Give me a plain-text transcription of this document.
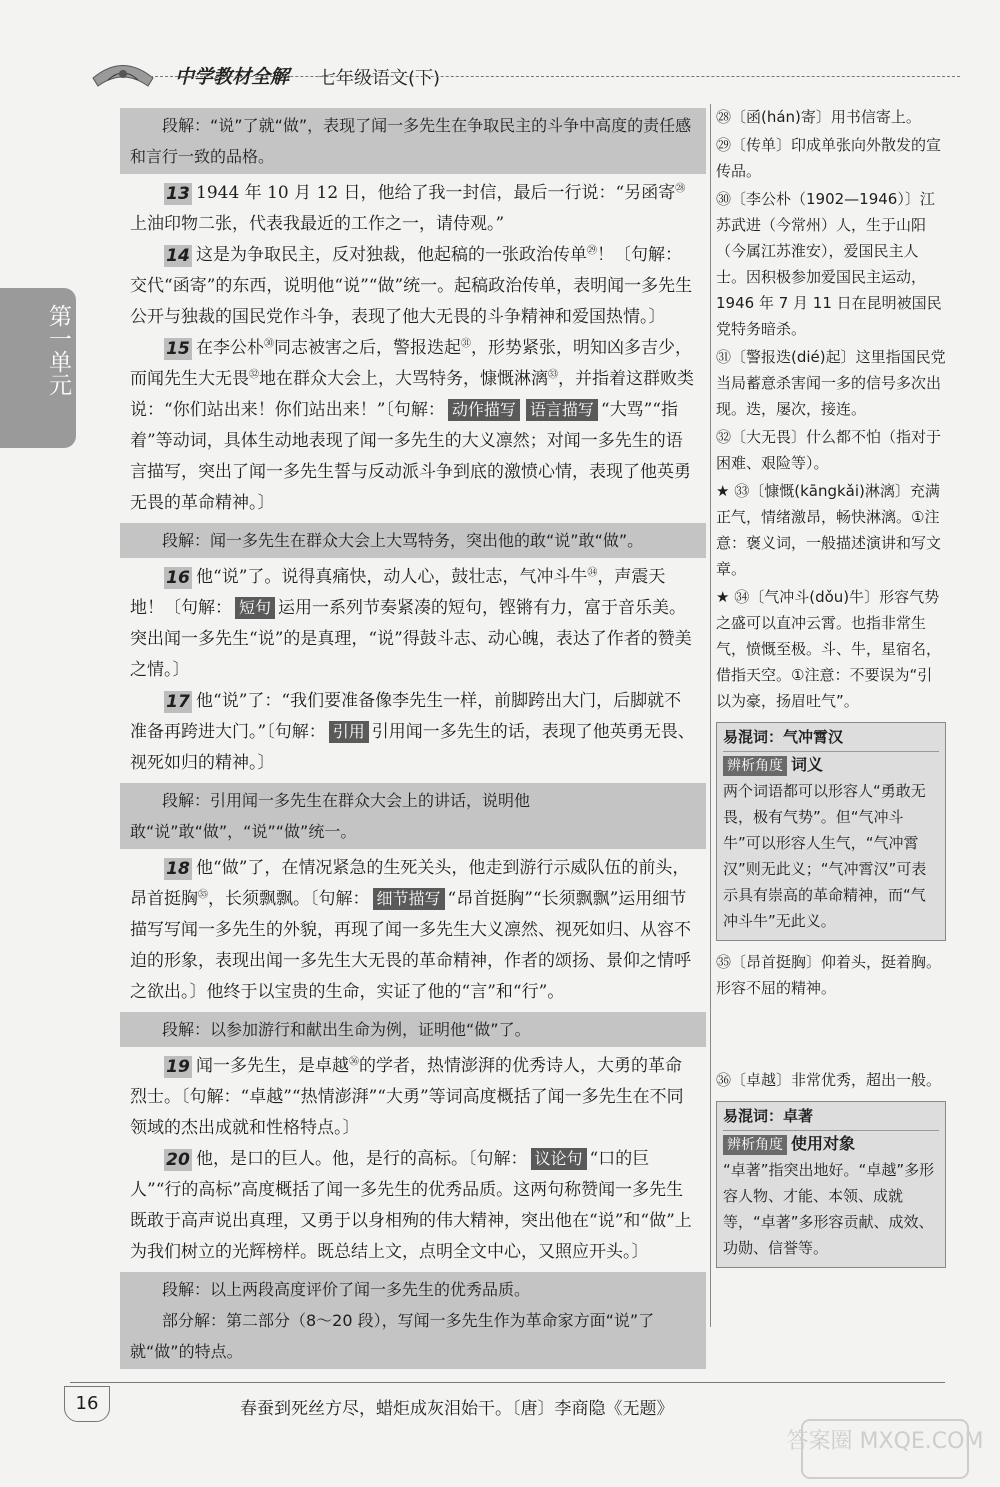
中学教材全解 七年级语文(下)
第一单元
段解：“说”了就“做”，表现了闻一多先生在争取民主的斗争中高度的责任感和言行一致的品格。
13 1944 年 10 月 12 日，他给了我一封信，最后一行说：“另函寄$^㉘$上油印物二张，代表我最近的工作之一，请侍观。”
14 这是为争取民主，反对独裁，他起稿的一张政治传单$^㉙$！〔句解：交代“函寄”的东西，说明他“说”“做”统一。起稿政治传单，表明闻一多先生公开与独裁的国民党作斗争，表现了他大无畏的斗争精神和爱国热情。〕
15 在李公朴$^㉚$同志被害之后，警报迭起$^㉛$，形势紧张，明知凶多吉少，而闻先生大无畏$^㉜$地在群众大会上，大骂特务，慷慨淋漓$^㉝$，并指着这群败类说：“你们站出来！你们站出来！”〔句解： 动作描写 语言描写 “大骂”“指着”等动词，具体生动地表现了闻一多先生的大义凛然；对闻一多先生的语言描写，突出了闻一多先生誓与反动派斗争到底的激愤心情，表现了他英勇无畏的革命精神。〕
段解：闻一多先生在群众大会上大骂特务，突出他的敢“说”敢“做”。
16 他“说”了。说得真痛快，动人心，鼓壮志，气冲斗牛$^㉞$，声震天地！〔句解： 短句 运用一系列节奏紧凑的短句，铿锵有力，富于音乐美。突出闻一多先生“说”的是真理，“说”得鼓斗志、动心魄，表达了作者的赞美之情。〕
17 他“说”了：“我们要准备像李先生一样，前脚跨出大门，后脚就不准备再跨进大门。”〔句解： 引用 引用闻一多先生的话，表现了他英勇无畏、视死如归的精神。〕
段解：引用闻一多先生在群众大会上的讲话，说明他敢“说”敢“做”，“说”“做”统一。
18 他“做”了，在情况紧急的生死关头，他走到游行示威队伍的前头，昂首挺胸$^㉟$，长须飘飘。〔句解： 细节描写 “昂首挺胸”“长须飘飘”运用细节描写写闻一多先生的外貌，再现了闻一多先生大义凛然、视死如归、从容不迫的形象，表现出闻一多先生大无畏的革命精神，作者的颂扬、景仰之情呼之欲出。〕他终于以宝贵的生命，实证了他的“言”和“行”。
段解：以参加游行和献出生命为例，证明他“做”了。
19 闻一多先生，是卓越$^㊱$的学者，热情澎湃的优秀诗人，大勇的革命烈士。〔句解：“卓越”“热情澎湃”“大勇”等词高度概括了闻一多先生在不同领域的杰出成就和性格特点。〕
20 他，是口的巨人。他，是行的高标。〔句解： 议论句 “口的巨人”“行的高标”高度概括了闻一多先生的优秀品质。这两句称赞闻一多先生既敢于高声说出真理，又勇于以身相殉的伟大精神，突出他在“说”和“做”上为我们树立的光辉榜样。既总结上文，点明全文中心，又照应开头。〕
段解：以上两段高度评价了闻一多先生的优秀品质。
部分解：第二部分（8～20 段），写闻一多先生作为革命家方面“说”了就“做”的特点。
㉘〔函(hán)寄〕用书信寄上。
㉙〔传单〕印成单张向外散发的宣传品。
㉚〔李公朴（1902—1946）〕江苏武进（今常州）人，生于山阳（今属江苏淮安），爱国民主人士。因积极参加爱国民主运动，1946 年 7 月 11 日在昆明被国民党特务暗杀。
㉛〔警报迭(dié)起〕这里指国民党当局蓄意杀害闻一多的信号多次出现。迭，屡次，接连。
㉜〔大无畏〕什么都不怕（指对于困难、艰险等）。
★ ㉝〔慷慨(kāngkǎi)淋漓〕充满正气，情绪激昂，畅快淋漓。①注意：褒义词，一般描述演讲和写文章。
★ ㉞〔气冲斗(dǒu)牛〕形容气势之盛可以直冲云霄。也指非常生气，愤慨至极。斗、牛，星宿名，借指天空。①注意：不要误为“引以为豪，扬眉吐气”。
易混词：气冲霄汉
辨析角度 词义
两个词语都可以形容人“勇敢无畏，极有气势”。但“气冲斗牛”可以形容人生气，“气冲霄汉”则无此义；“气冲霄汉”可表示具有崇高的革命精神，而“气冲斗牛”无此义。
㉟〔昂首挺胸〕仰着头，挺着胸。形容不屈的精神。
㊱〔卓越〕非常优秀，超出一般。
易混词：卓著
辨析角度 使用对象
“卓著”指突出地好。“卓越”多形容人物、才能、本领、成就等，“卓著”多形容贡献、成效、功勋、信誉等。
16	春蚕到死丝方尽，蜡炬成灰泪始干。〔唐〕李商隐《无题》
答案圈 MXQE.COM
